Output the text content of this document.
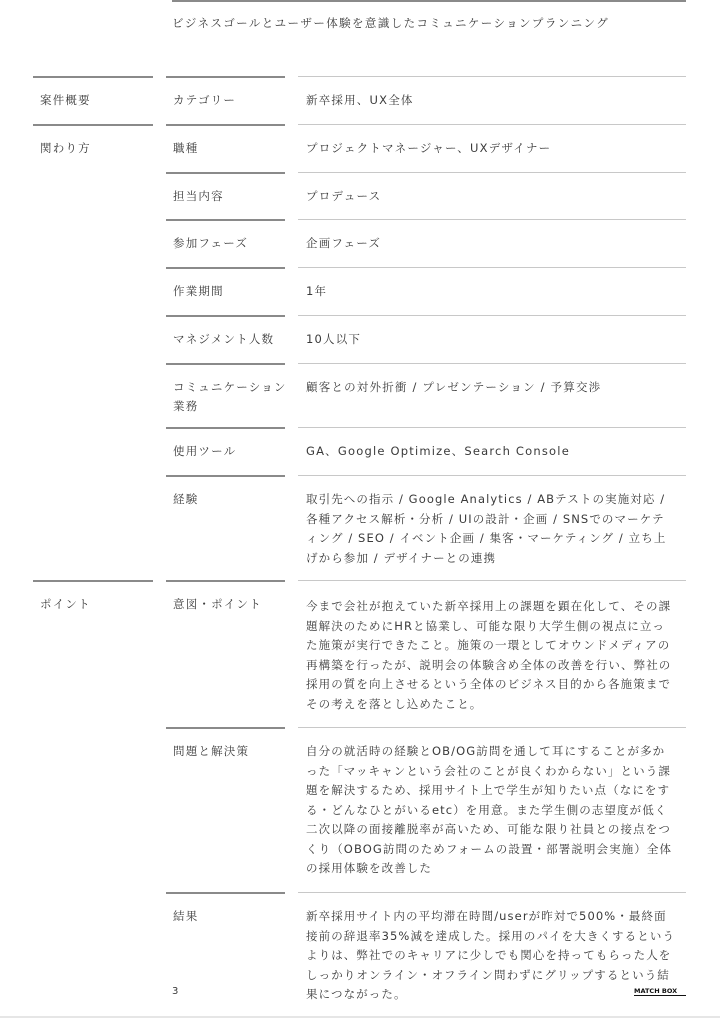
ビジネスゴールとユーザー体験を意識したコミュニケーションプランニング
案件概要
関わり方
ポイント
カテゴリー
職種
担当内容
参加フェーズ
作業期間
マネジメント人数
コミュニケーション
業務
使用ツール
経験
意図・ポイント
問題と解決策
結果
新卒採用、UX全体
プロジェクトマネージャー、UXデザイナー
プロデュース
企画フェーズ
1年
10人以下
顧客との対外折衝 / プレゼンテーション / 予算交渉
GA、Google Optimize、Search Console
取引先への指示 / Google Analytics / ABテストの実施対応 /
各種アクセス解析・分析 / UIの設計・企画 / SNSでのマーケテ
ィング / SEO / イベント企画 / 集客・マーケティング / 立ち上
げから参加 / デザイナーとの連携
今まで会社が抱えていた新卒採用上の課題を顕在化して、その課
題解決のためにHRと協業し、可能な限り大学生側の視点に立っ
た施策が実行できたこと。施策の一環としてオウンドメディアの
再構築を行ったが、説明会の体験含め全体の改善を行い、弊社の
採用の質を向上させるという全体のビジネス目的から各施策まで
その考えを落とし込めたこと。
自分の就活時の経験とOB/OG訪問を通して耳にすることが多か
った「マッキャンという会社のことが良くわからない」という課
題を解決するため、採用サイト上で学生が知りたい点（なにをす
る・どんなひとがいるetc）を用意。また学生側の志望度が低く
二次以降の面接離脱率が高いため、可能な限り社員との接点をつ
くり（OBOG訪問のためフォームの設置・部署説明会実施）全体
の採用体験を改善した
新卒採用サイト内の平均滞在時間/userが昨対で500%・最終面
接前の辞退率35%減を達成した。採用のパイを大きくするという
よりは、弊社でのキャリアに少しでも関心を持ってもらった人を
しっかりオンライン・オフライン問わずにグリップするという結
果につながった。
3	MATCH BOX
